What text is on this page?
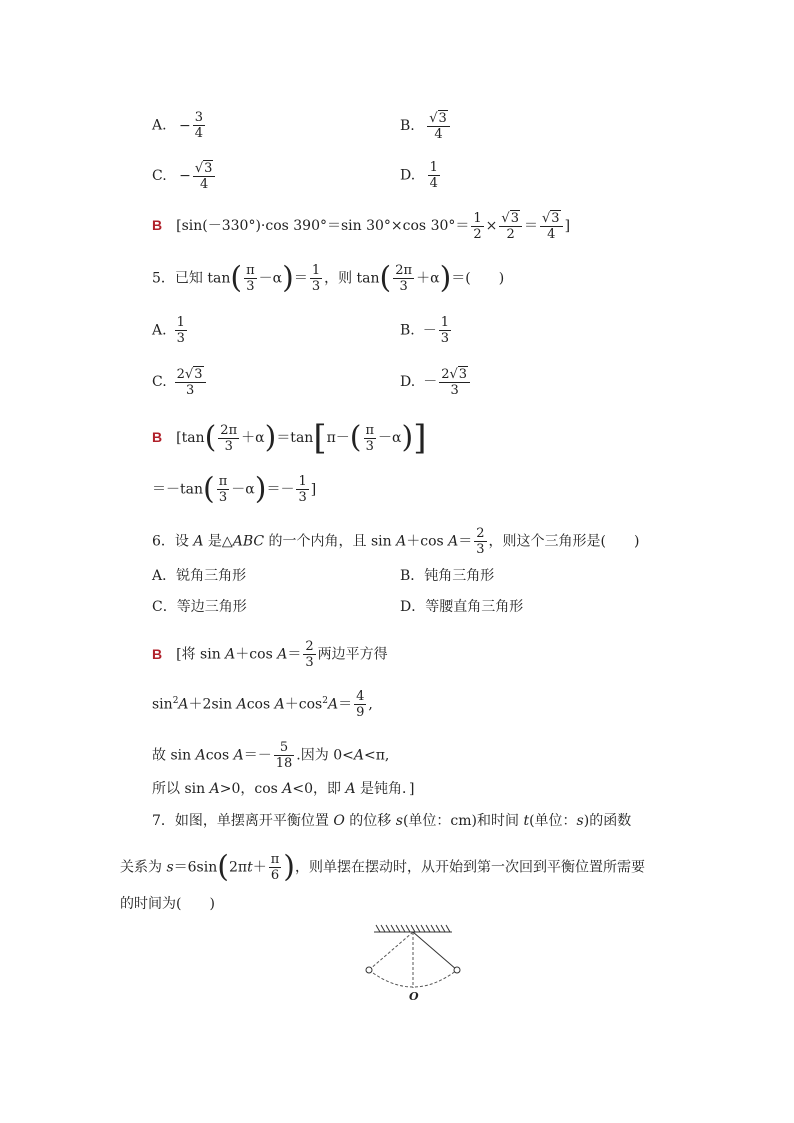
A. − $\frac{3}{4}$	B. $\frac{√3}{4}$
C. − $\frac{√3}{4}$	D. $\frac{1}{4}$
B [sin(－330°)·cos 390°＝sin 30°×cos $30^\circ= \frac{1}{2} \times \frac{√3}{2} = \frac{√3}{4}$ ]
5．已知 $\tan( \frac{\pi}{3} -\alpha)= \frac{1}{3}$ ，则 $\tan( \frac{2\pi}{3} +\alpha)=$(　　)
A. $\frac{1}{3}$	B. － $\frac{1}{3}$
C. $\frac{2√3}{3}$	D. － $\frac{2√3}{3}$
B [$\tan( \frac{2\pi}{3} +\alpha)=\tan[\pi-( \frac{\pi}{3} -\alpha)]$
$=-\tan( \frac{\pi}{3} -\alpha)=- \frac{1}{3}$ ]
6．设 A 是△ABC 的一个内角，且 sin A＋cos $A= \frac{2}{3}$ ，则这个三角形是(　　)
A．锐角三角形	B．钝角三角形
C．等边三角形	D．等腰直角三角形
B [将 sin A＋cos $A= \frac{2}{3}$ 两边平方得
$\sin^2A+2\sin$ Acos $A+\cos^2A= \frac{4}{9}$ ,
故 sin Acos $A=- \frac{5}{18}$ .因为 0<A<π,
所以 sin A>0，cos A<0，即 A 是钝角．]
7．如图，单摆离开平衡位置 O 的位移 s(单位：cm)和时间 t(单位：s)的函数
关系为 $s=6\sin(2\pi t+ \frac{\pi}{6}$ )，则单摆在摆动时，从开始到第一次回到平衡位置所需要
的时间为(　　)
O
